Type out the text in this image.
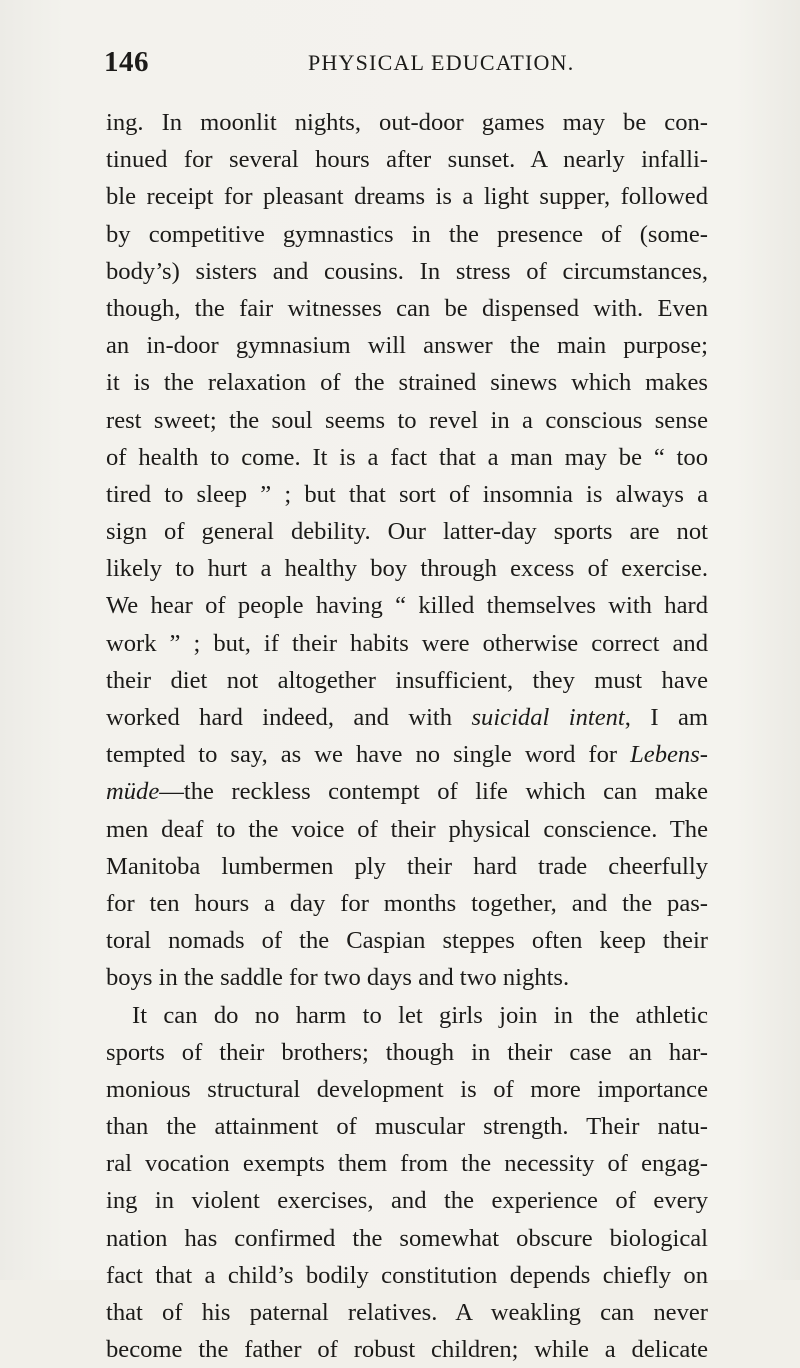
146	PHYSICAL EDUCATION.
ing. In moonlit nights, out-door games may be con-
tinued for several hours after sunset. A nearly infalli-
ble receipt for pleasant dreams is a light supper, followed
by competitive gymnastics in the presence of (some-
body’s) sisters and cousins. In stress of circumstances,
though, the fair witnesses can be dispensed with. Even
an in-door gymnasium will answer the main purpose;
it is the relaxation of the strained sinews which makes
rest sweet; the soul seems to revel in a conscious sense
of health to come. It is a fact that a man may be “ too
tired to sleep ” ; but that sort of insomnia is always a
sign of general debility. Our latter-day sports are not
likely to hurt a healthy boy through excess of exercise.
We hear of people having “ killed themselves with hard
work ” ; but, if their habits were otherwise correct and
their diet not altogether insufficient, they must have
worked hard indeed, and with suicidal intent, I am
tempted to say, as we have no single word for Lebens-
müde—the reckless contempt of life which can make
men deaf to the voice of their physical conscience. The
Manitoba lumbermen ply their hard trade cheerfully
for ten hours a day for months together, and the pas-
toral nomads of the Caspian steppes often keep their
boys in the saddle for two days and two nights.
It can do no harm to let girls join in the athletic
sports of their brothers; though in their case an har-
monious structural development is of more importance
than the attainment of muscular strength. Their natu-
ral vocation exempts them from the necessity of engag-
ing in violent exercises, and the experience of every
nation has confirmed the somewhat obscure biological
fact that a child’s bodily constitution depends chiefly on
that of his paternal relatives. A weakling can never
become the father of robust children; while a delicate
